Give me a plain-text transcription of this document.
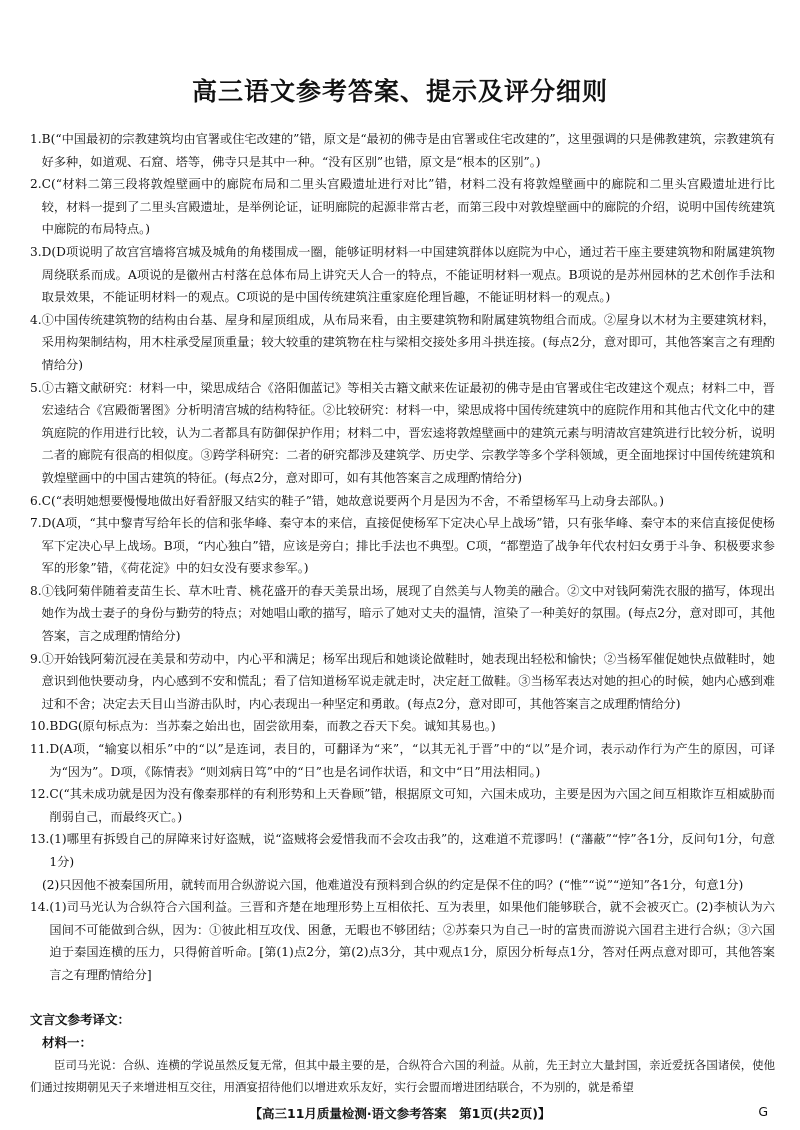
高三语文参考答案、提示及评分细则
1. B(“中国最初的宗教建筑均由官署或住宅改建的”错，原文是“最初的佛寺是由官署或住宅改建的”，这里强调的只是佛教建筑，宗教建筑有好多种，如道观、石窟、塔等，佛寺只是其中一种。“没有区别”也错，原文是“根本的区别”。)
2. C(“材料二第三段将敦煌壁画中的廊院布局和二里头宫殿遗址进行对比”错，材料二没有将敦煌壁画中的廊院和二里头宫殿遗址进行比较，材料一提到了二里头宫殿遗址，是举例论证，证明廊院的起源非常古老，而第三段中对敦煌壁画中的廊院的介绍，说明中国传统建筑中廊院的布局特点。)
3. D(D项说明了故宫宫墙将宫城及城角的角楼围成一圈，能够证明材料一中国建筑群体以庭院为中心，通过若干座主要建筑物和附属建筑物周绕联系而成。A项说的是徽州古村落在总体布局上讲究天人合一的特点，不能证明材料一观点。B项说的是苏州园林的艺术创作手法和取景效果，不能证明材料一的观点。C项说的是中国传统建筑注重家庭伦理旨趣，不能证明材料一的观点。)
4. ①中国传统建筑物的结构由台基、屋身和屋顶组成，从布局来看，由主要建筑物和附属建筑物组合而成。②屋身以木材为主要建筑材料，采用构架制结构，用木柱承受屋顶重量；较大较重的建筑物在柱与梁相交接处多用斗拱连接。(每点2分，意对即可，其他答案言之有理酌情给分)
5. ①古籍文献研究：材料一中，梁思成结合《洛阳伽蓝记》等相关古籍文献来佐证最初的佛寺是由官署或住宅改建这个观点；材料二中，晋宏逵结合《宫殿衙署图》分析明清宫城的结构特征。②比较研究：材料一中，梁思成将中国传统建筑中的庭院作用和其他古代文化中的建筑庭院的作用进行比较，认为二者都具有防御保护作用；材料二中，晋宏逵将敦煌壁画中的建筑元素与明清故宫建筑进行比较分析，说明二者的廊院有很高的相似度。③跨学科研究：二者的研究都涉及建筑学、历史学、宗教学等多个学科领域，更全面地探讨中国传统建筑和敦煌壁画中的中国古建筑的特征。(每点2分，意对即可，如有其他答案言之成理酌情给分)
6. C(“表明她想要慢慢地做出好看舒服又结实的鞋子”错，她故意说要两个月是因为不舍，不希望杨军马上动身去部队。)
7. D(A项，“其中黎青写给年长的信和张华峰、秦守本的来信，直接促使杨军下定决心早上战场”错，只有张华峰、秦守本的来信直接促使杨军下定决心早上战场。B项，“内心独白”错，应该是旁白；排比手法也不典型。C项，“都塑造了战争年代农村妇女勇于斗争、积极要求参军的形象”错，《荷花淀》中的妇女没有要求参军。)
8. ①钱阿菊伴随着麦苗生长、草木吐青、桃花盛开的春天美景出场，展现了自然美与人物美的融合。②文中对钱阿菊洗衣服的描写，体现出她作为战士妻子的身份与勤劳的特点；对她唱山歌的描写，暗示了她对丈夫的温情，渲染了一种美好的氛围。(每点2分，意对即可，其他答案，言之成理酌情给分)
9. ①开始钱阿菊沉浸在美景和劳动中，内心平和满足；杨军出现后和她谈论做鞋时，她表现出轻松和愉快；②当杨军催促她快点做鞋时，她意识到他快要动身，内心感到不安和慌乱；看了信知道杨军说走就走时，决定赶工做鞋。③当杨军表达对她的担心的时候，她内心感到难过和不舍；决定去天目山当游击队时，内心表现出一种坚定和勇敢。(每点2分，意对即可，其他答案言之成理酌情给分)
10. BDG(原句标点为：当苏秦之始出也，固尝欲用秦，而教之吞天下矣。诚知其易也。)
11. D(A项，“输宴以相乐”中的“以”是连词，表目的，可翻译为“来”，“以其无礼于晋”中的“以”是介词，表示动作行为产生的原因，可译为“因为”。D项，《陈情表》“则刘病日笃”中的“日”也是名词作状语，和文中“日”用法相同。)
12. C(“其未成功就是因为没有像秦那样的有利形势和上天眷顾”错，根据原文可知，六国未成功，主要是因为六国之间互相欺诈互相威胁而削弱自己，而最终灭亡。)
13. (1)哪里有拆毁自己的屏障来讨好盗贼，说“盗贼将会爱惜我而不会攻击我”的，这难道不荒谬吗！(“藩蔽”“悖”各1分，反问句1分，句意1分)
(2)只因他不被秦国所用，就转而用合纵游说六国，他难道没有预料到合纵的约定是保不住的吗？(“惟”“说”“逆知”各1分，句意1分)
14. (1)司马光认为合纵符合六国利益。三晋和齐楚在地理形势上互相依托、互为表里，如果他们能够联合，就不会被灭亡。(2)李桢认为六国间不可能做到合纵，因为：①彼此相互攻伐、困惫，无暇也不够团结；②苏秦只为自己一时的富贵而游说六国君主进行合纵；③六国迫于秦国连横的压力，只得俯首听命。[第(1)点2分，第(2)点3分，其中观点1分，原因分析每点1分，答对任两点意对即可，其他答案言之有理酌情给分]
文言文参考译文：
材料一：
臣司马光说：合纵、连横的学说虽然反复无常，但其中最主要的是，合纵符合六国的利益。从前，先王封立大量封国，亲近爱抚各国诸侯，使他们通过按期朝见天子来增进相互交往，用酒宴招待他们以增进欢乐友好，实行会盟而增进团结联合，不为别的，就是希望
【高三11月质量检测·语文参考答案　第1页(共2页)】	G
